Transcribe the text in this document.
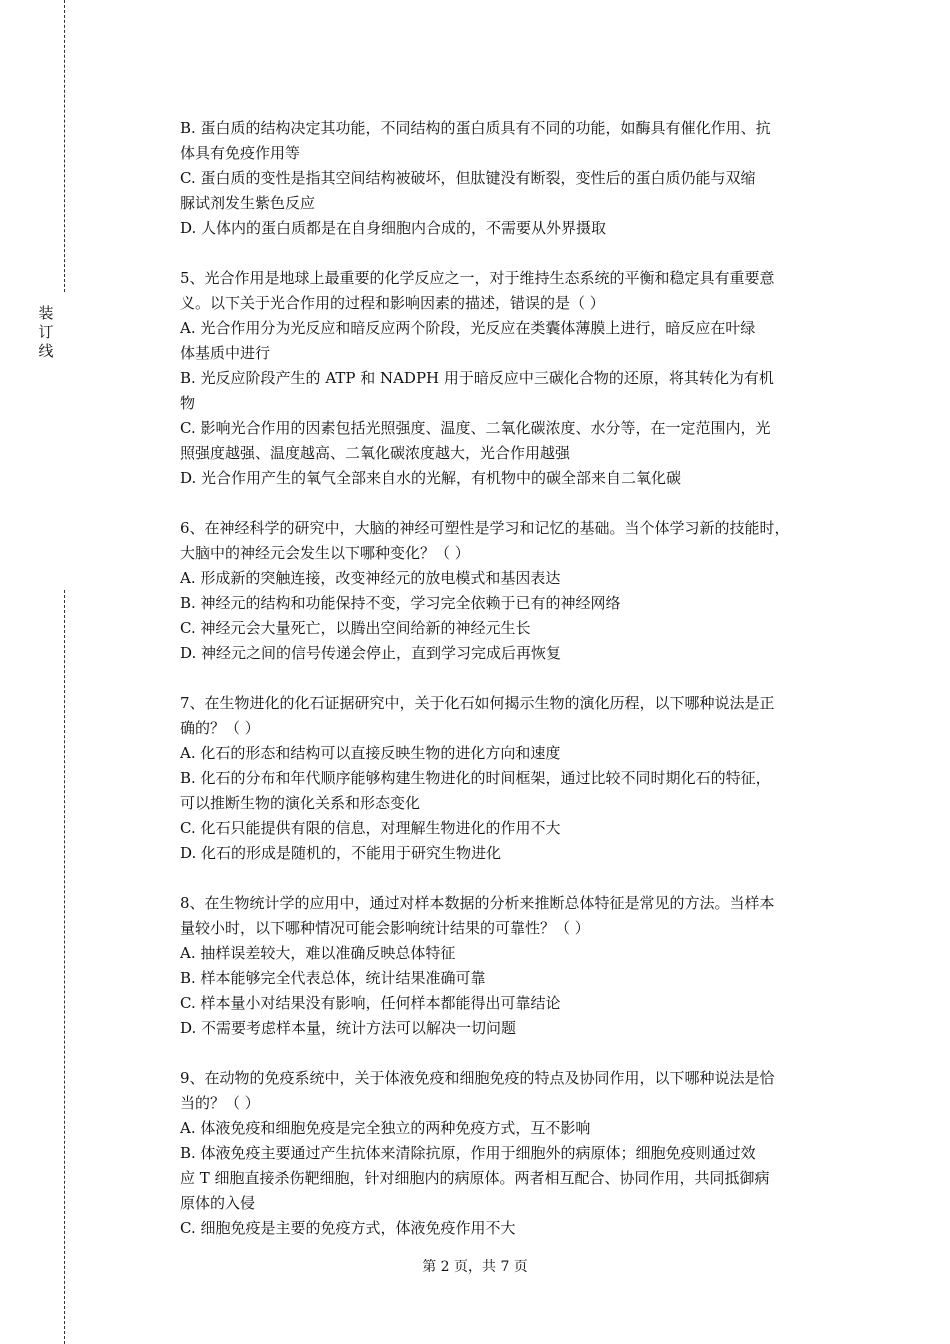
装
订
线
B. 蛋白质的结构决定其功能，不同结构的蛋白质具有不同的功能，如酶具有催化作用、抗
体具有免疫作用等
C. 蛋白质的变性是指其空间结构被破坏，但肽键没有断裂，变性后的蛋白质仍能与双缩
脲试剂发生紫色反应
D. 人体内的蛋白质都是在自身细胞内合成的，不需要从外界摄取
5、光合作用是地球上最重要的化学反应之一，对于维持生态系统的平衡和稳定具有重要意
义。以下关于光合作用的过程和影响因素的描述，错误的是（ ）
A. 光合作用分为光反应和暗反应两个阶段，光反应在类囊体薄膜上进行，暗反应在叶绿
体基质中进行
B. 光反应阶段产生的 ATP 和 NADPH 用于暗反应中三碳化合物的还原，将其转化为有机
物
C. 影响光合作用的因素包括光照强度、温度、二氧化碳浓度、水分等，在一定范围内，光
照强度越强、温度越高、二氧化碳浓度越大，光合作用越强
D. 光合作用产生的氧气全部来自水的光解，有机物中的碳全部来自二氧化碳
6、在神经科学的研究中，大脑的神经可塑性是学习和记忆的基础。当个体学习新的技能时，
大脑中的神经元会发生以下哪种变化？（ ）
A. 形成新的突触连接，改变神经元的放电模式和基因表达
B. 神经元的结构和功能保持不变，学习完全依赖于已有的神经网络
C. 神经元会大量死亡，以腾出空间给新的神经元生长
D. 神经元之间的信号传递会停止，直到学习完成后再恢复
7、在生物进化的化石证据研究中，关于化石如何揭示生物的演化历程，以下哪种说法是正
确的？（ ）
A. 化石的形态和结构可以直接反映生物的进化方向和速度
B. 化石的分布和年代顺序能够构建生物进化的时间框架，通过比较不同时期化石的特征，
可以推断生物的演化关系和形态变化
C. 化石只能提供有限的信息，对理解生物进化的作用不大
D. 化石的形成是随机的，不能用于研究生物进化
8、在生物统计学的应用中，通过对样本数据的分析来推断总体特征是常见的方法。当样本
量较小时，以下哪种情况可能会影响统计结果的可靠性？（ ）
A. 抽样误差较大，难以准确反映总体特征
B. 样本能够完全代表总体，统计结果准确可靠
C. 样本量小对结果没有影响，任何样本都能得出可靠结论
D. 不需要考虑样本量，统计方法可以解决一切问题
9、在动物的免疫系统中，关于体液免疫和细胞免疫的特点及协同作用，以下哪种说法是恰
当的？（ ）
A. 体液免疫和细胞免疫是完全独立的两种免疫方式，互不影响
B. 体液免疫主要通过产生抗体来清除抗原，作用于细胞外的病原体；细胞免疫则通过效
应 T 细胞直接杀伤靶细胞，针对细胞内的病原体。两者相互配合、协同作用，共同抵御病
原体的入侵
C. 细胞免疫是主要的免疫方式，体液免疫作用不大
第 2 页，共 7 页
